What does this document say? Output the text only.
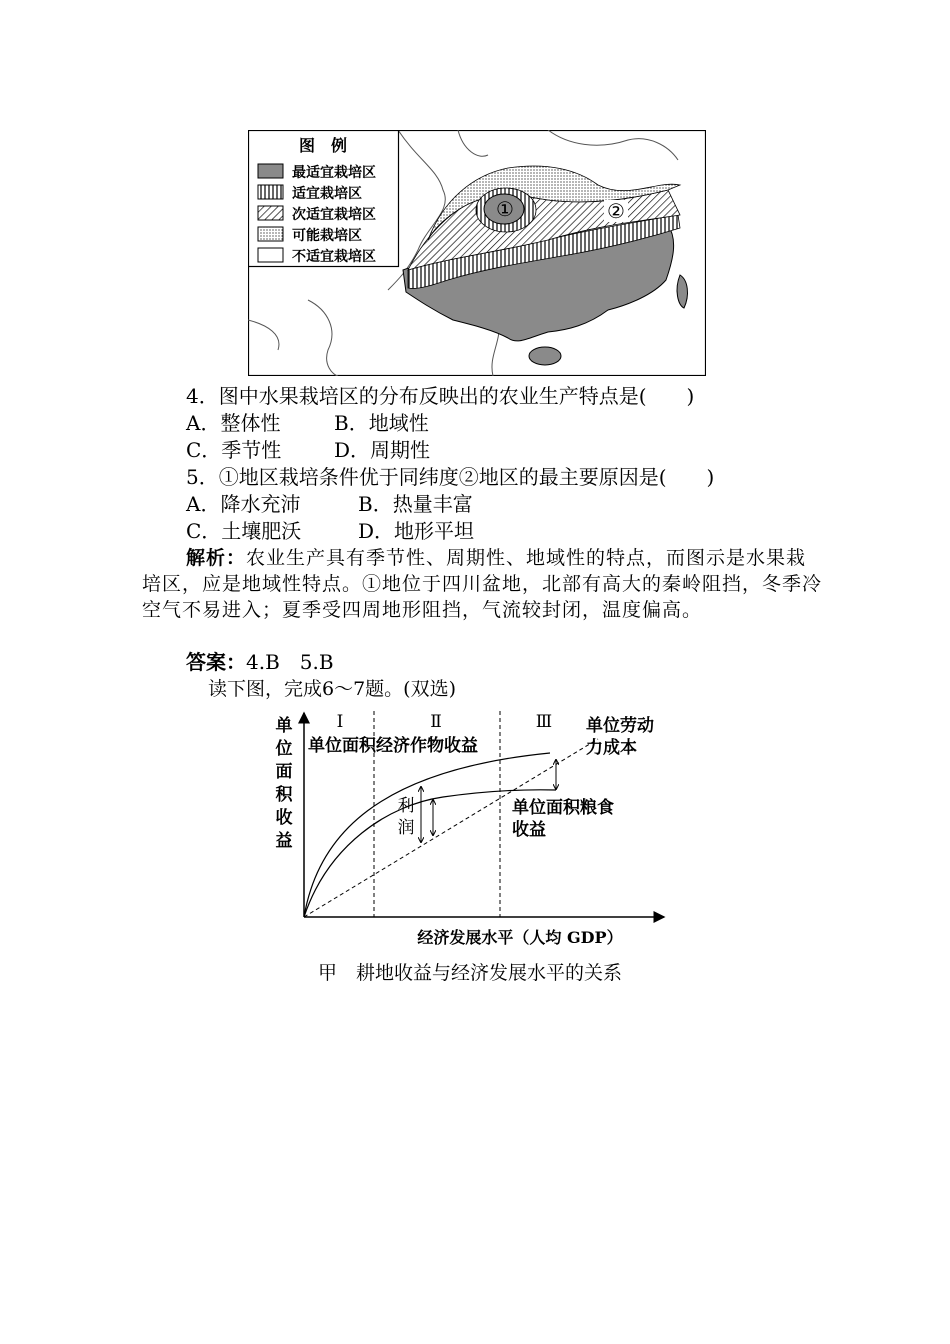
①	②
图　例
最适宜栽培区
适宜栽培区
次适宜栽培区
可能栽培区
不适宜栽培区
4．图中水果栽培区的分布反映出的农业生产特点是(　　)
A．整体性	B．地域性
C．季节性	D．周期性
5．①地区栽培条件优于同纬度②地区的最主要原因是(　　)
A．降水充沛	B．热量丰富
C．土壤肥沃	D．地形平坦
解析：农业生产具有季节性、周期性、地域性的特点，而图示是水果栽培区，应是地域性特点。①地位于四川盆地，北部有高大的秦岭阻挡，冬季冷空气不易进入；夏季受四周地形阻挡，气流较封闭，温度偏高。
答案：4.B　5.B
读下图，完成6～7题。(双选)
单
位
面
积
收
益
Ⅰ	Ⅱ	Ⅲ
利
润
单位面积经济作物收益
单位劳动
力成本
单位面积粮食
收益
经济发展水平（人均 GDP）
甲　耕地收益与经济发展水平的关系
